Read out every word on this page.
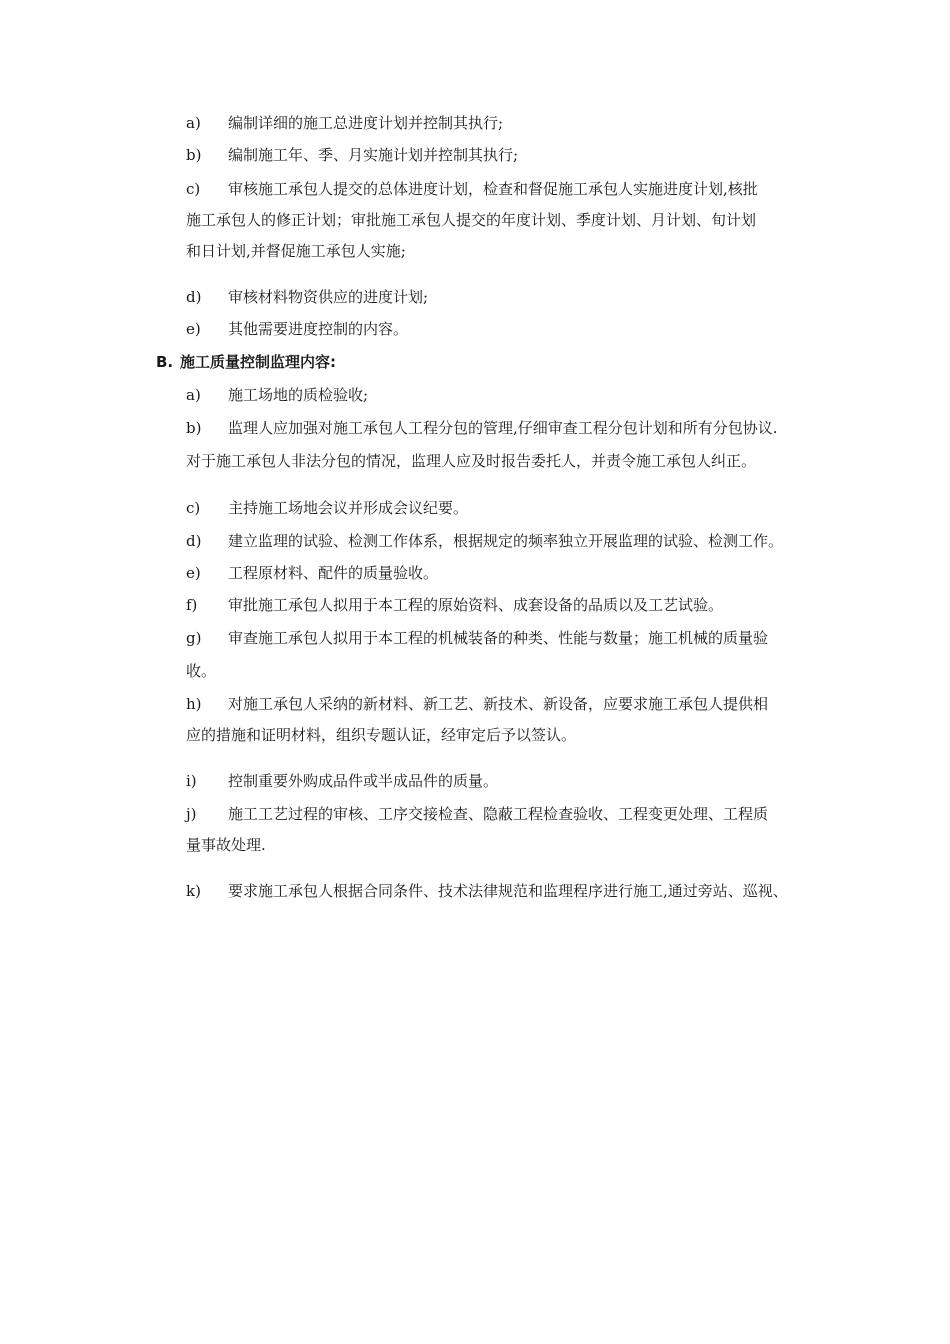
a) 编制详细的施工总进度计划并控制其执行;
b) 编制施工年、季、月实施计划并控制其执行;
c) 审核施工承包人提交的总体进度计划，检查和督促施工承包人实施进度计划,核批
施工承包人的修正计划；审批施工承包人提交的年度计划、季度计划、月计划、旬计划
和日计划,并督促施工承包人实施;
d) 审核材料物资供应的进度计划;
e) 其他需要进度控制的内容。
B. 施工质量控制监理内容:
a) 施工场地的质检验收;
b) 监理人应加强对施工承包人工程分包的管理,仔细审查工程分包计划和所有分包协议.
对于施工承包人非法分包的情况，监理人应及时报告委托人，并责令施工承包人纠正。
c) 主持施工场地会议并形成会议纪要。
d) 建立监理的试验、检测工作体系，根据规定的频率独立开展监理的试验、检测工作。
e) 工程原材料、配件的质量验收。
f) 审批施工承包人拟用于本工程的原始资料、成套设备的品质以及工艺试验。
g) 审查施工承包人拟用于本工程的机械装备的种类、性能与数量；施工机械的质量验
收。
h) 对施工承包人采纳的新材料、新工艺、新技术、新设备，应要求施工承包人提供相
应的措施和证明材料，组织专题认证，经审定后予以签认。
i) 控制重要外购成品件或半成品件的质量。
j) 施工工艺过程的审核、工序交接检查、隐蔽工程检查验收、工程变更处理、工程质
量事故处理.
k) 要求施工承包人根据合同条件、技术法律规范和监理程序进行施工,通过旁站、巡视、
